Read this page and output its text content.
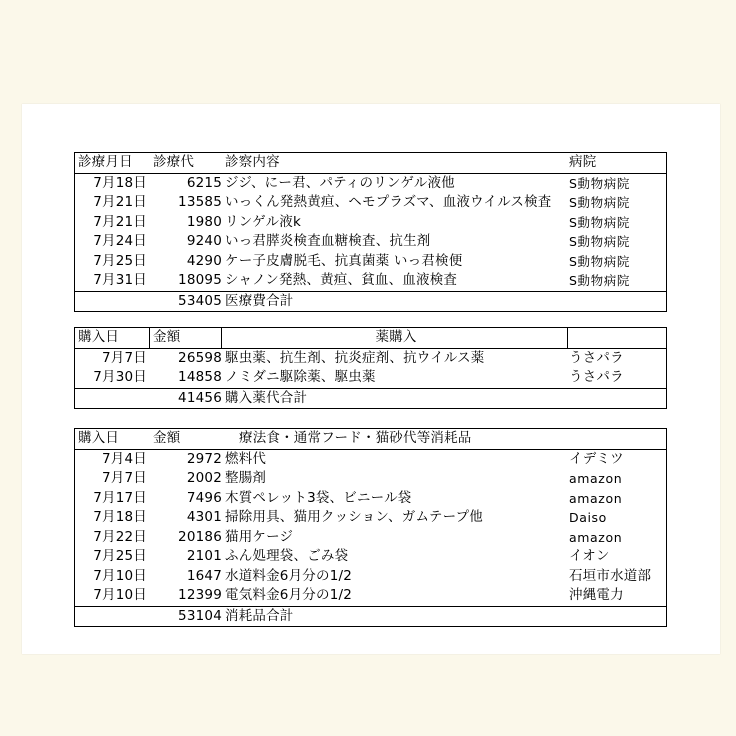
診療月日 診療代 診察内容	病院
7月18日	6215 ジジ、にー君、パティのリンゲル液他	S動物病院
7月21日	13585 いっくん発熱黄疸、ヘモプラズマ、血液ウイルス検査 S動物病院
7月21日	1980 リンゲル液k	S動物病院
7月24日	9240 いっ君膵炎検査血糖検査、抗生剤	S動物病院
7月25日	4290 ケー子皮膚脱毛、抗真菌薬 いっ君検便	S動物病院
7月31日	18095 シャノン発熱、黄疸、貧血、血液検査	S動物病院
53405 医療費合計
購入日	金額	薬購入
7月7日	26598 駆虫薬、抗生剤、抗炎症剤、抗ウイルス薬	うさパラ
7月30日	14858 ノミダニ駆除薬、駆虫薬	うさパラ
41456 購入薬代合計
購入日	金額	療法食・通常フード・猫砂代等消耗品
7月4日	2972 燃料代	イデミツ
7月7日	2002 整腸剤	amazon
7月17日	7496 木質ペレット3袋、ビニール袋	amazon
7月18日	4301 掃除用具、猫用クッション、ガムテープ他	Daiso
7月22日	20186 猫用ケージ	amazon
7月25日	2101 ふん処理袋、ごみ袋	イオン
7月10日	1647 水道料金6月分の1/2	石垣市水道部
7月10日	12399 電気料金6月分の1/2	沖縄電力
53104 消耗品合計
